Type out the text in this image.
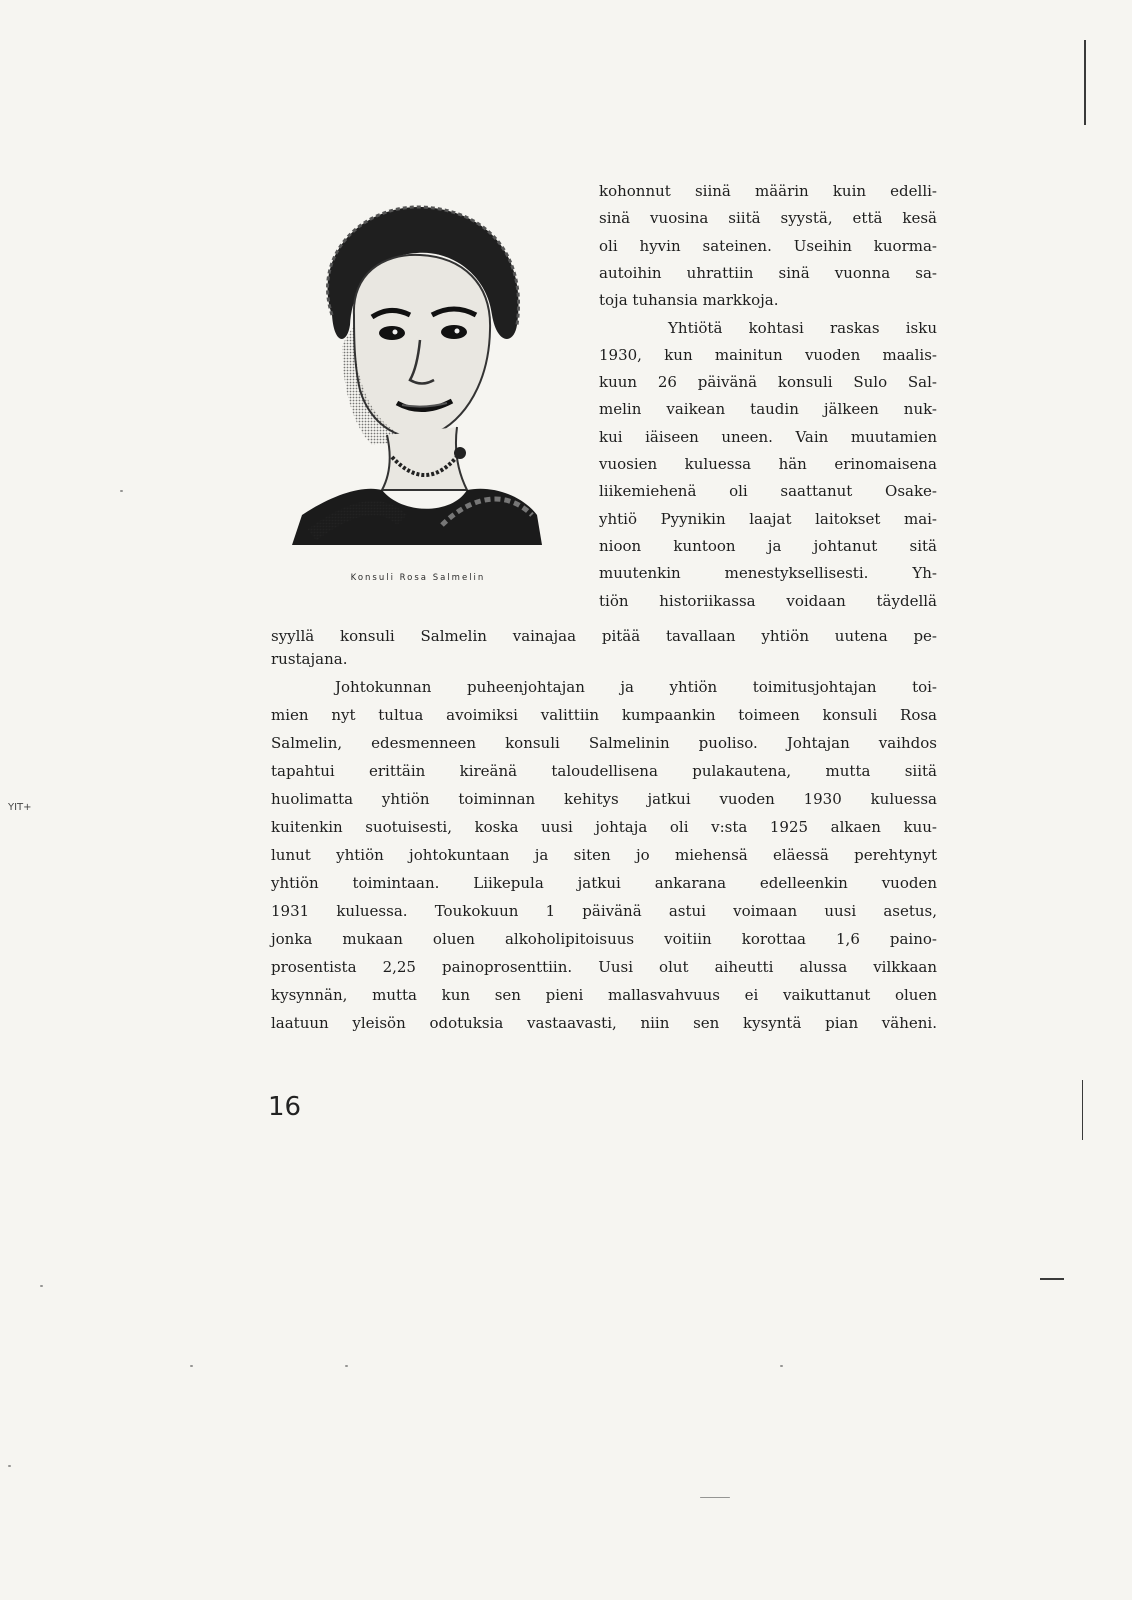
ΥΙΤ+
Konsuli Rosa Salmelin
kohonnut siinä määrin kuin edelli-
sinä vuosina siitä syystä, että kesä
oli hyvin sateinen. Useihin kuorma-
autoihin uhrattiin sinä vuonna sa-
toja tuhansia markkoja.
Yhtiötä kohtasi raskas isku
1930, kun mainitun vuoden maalis-
kuun 26 päivänä konsuli Sulo Sal-
melin vaikean taudin jälkeen nuk-
kui iäiseen uneen. Vain muutamien
vuosien kuluessa hän erinomaisena
liikemiehenä oli saattanut Osake-
yhtiö Pyynikin laajat laitokset mai-
nioon kuntoon ja johtanut sitä
muutenkin menestyksellisesti. Yh-
tiön historiikassa voidaan täydellä
syyllä konsuli Salmelin vainajaa pitää tavallaan yhtiön uutena pe-
rustajana.
Johtokunnan puheenjohtajan ja yhtiön toimitusjohtajan toi-
mien nyt tultua avoimiksi valittiin kumpaankin toimeen konsuli Rosa
Salmelin, edesmenneen konsuli Salmelinin puoliso. Johtajan vaihdos
tapahtui erittäin kireänä taloudellisena pulakautena, mutta siitä
huolimatta yhtiön toiminnan kehitys jatkui vuoden 1930 kuluessa
kuitenkin suotuisesti, koska uusi johtaja oli v:sta 1925 alkaen kuu-
lunut yhtiön johtokuntaan ja siten jo miehensä eläessä perehtynyt
yhtiön toimintaan. Liikepula jatkui ankarana edelleenkin vuoden
1931 kuluessa. Toukokuun 1 päivänä astui voimaan uusi asetus,
jonka mukaan oluen alkoholipitoisuus voitiin korottaa 1,6 paino-
prosentista 2,25 painoprosenttiin. Uusi olut aiheutti alussa vilkkaan
kysynnän, mutta kun sen pieni mallasvahvuus ei vaikuttanut oluen
laatuun yleisön odotuksia vastaavasti, niin sen kysyntä pian väheni.
16
